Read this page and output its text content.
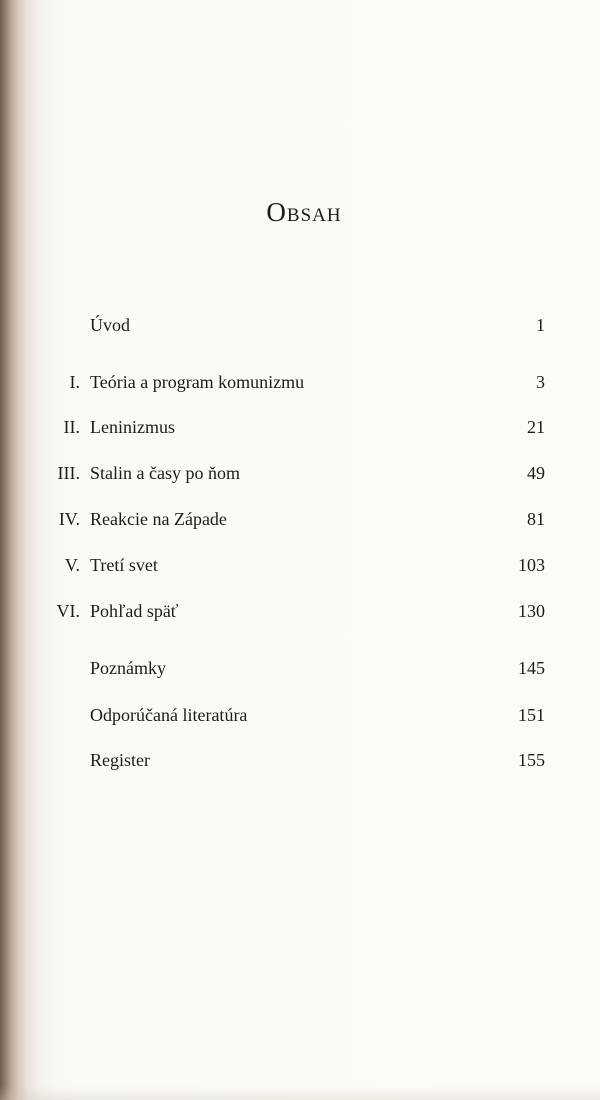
Obsah
Úvod	1
I. Teória a program komunizmu	3
II. Leninizmus	21
III. Stalin a časy po ňom	49
IV. Reakcie na Západe	81
V. Tretí svet	103
VI. Pohľad späť	130
Poznámky	145
Odporúčaná literatúra	151
Register	155
